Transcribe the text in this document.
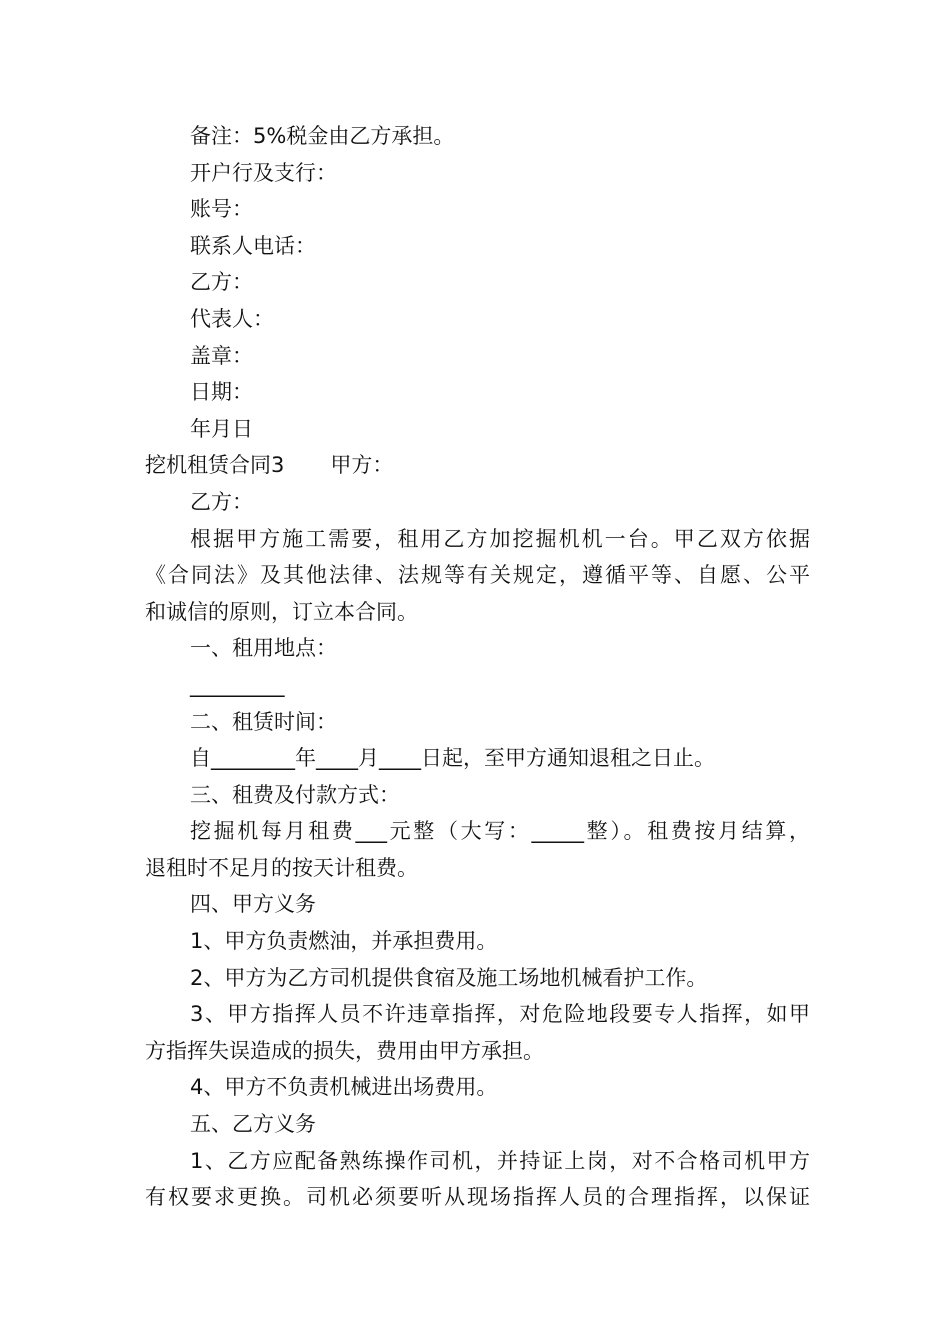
备注：5%税金由乙方承担。
开户行及支行：
账号：
联系人电话：
乙方：
代表人：
盖章：
日期：
年月日
挖机租赁合同3 甲方：
乙方：
根据甲方施工需要，租用乙方加挖掘机机一台。甲乙双方依据
《合同法》及其他法律、法规等有关规定，遵循平等、自愿、公平
和诚信的原则，订立本合同。
一、租用地点：
_________
二、租赁时间：
自________年____月____日起，至甲方通知退租之日止。
三、租费及付款方式：
挖掘机每月租费___元整（大写：_____整）。租费按月结算，
退租时不足月的按天计租费。
四、甲方义务
1、甲方负责燃油，并承担费用。
2、甲方为乙方司机提供食宿及施工场地机械看护工作。
3、甲方指挥人员不许违章指挥，对危险地段要专人指挥，如甲
方指挥失误造成的损失，费用由甲方承担。
4、甲方不负责机械进出场费用。
五、乙方义务
1、乙方应配备熟练操作司机，并持证上岗，对不合格司机甲方
有权要求更换。司机必须要听从现场指挥人员的合理指挥，以保证
